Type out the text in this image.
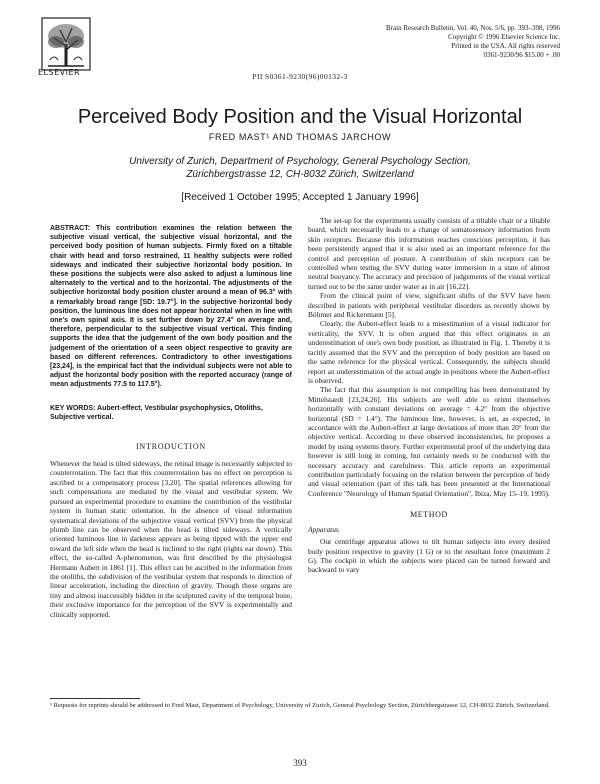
ELSEVIER
Brain Research Bulletin, Vol. 40, Nos. 5/6, pp. 393–398, 1996
Copyright © 1996 Elsevier Science Inc.
Printed in the USA. All rights reserved
0361-9230/96 $15.00 + .00
PII S0361-9230(96)00132-3
Perceived Body Position and the Visual Horizontal
FRED MAST¹ AND THOMAS JARCHOW
University of Zurich, Department of Psychology, General Psychology Section, Zürichbergstrasse 12, CH-8032 Zürich, Switzerland
[Received 1 October 1995; Accepted 1 January 1996]

ABSTRACT: This contribution examines the relation between the subjective visual vertical, the subjective visual horizontal, and the perceived body position of human subjects. Firmly fixed on a tiltable chair with head and torso restrained, 11 healthy subjects were rolled sideways and indicated their subjective horizontal body position. In these positions the subjects were also asked to adjust a luminous line alternately to the vertical and to the horizontal. The adjustments of the subjective horizontal body position cluster around a mean of 96.3° with a remarkably broad range [SD: 19.7°]. In the subjective horizontal body position, the luminous line does not appear horizontal when in line with one's own spinal axis. It is set further down by 27.4° on average and, therefore, perpendicular to the subjective visual vertical. This finding supports the idea that the judgement of the own body position and the judgement of the orientation of a seen object respective to gravity are based on different references. Contradictory to other investigations [23,24], is the empirical fact that the individual subjects were not able to adjust the horizontal body position with the reported accuracy (range of mean adjustments 77.5 to 117.5°).

KEY WORDS: Aubert-effect, Vestibular psychophysics, Otoliths, Subjective vertical.

INTRODUCTION

Whenever the head is tilted sideways, the retinal image is necessarily subjected to counterrotation. The fact that this counterrotation has no effect on perception is ascribed to a compensatory process [3,20]. The spatial references allowing for such compensations are mediated by the visual and vestibular system. We pursued an experimental procedure to examine the contribution of the vestibular system in human static orientation. In the absence of visual information systematical deviations of the subjective visual vertical (SVV) from the physical plumb line can be observed when the head is tilted sideways. A vertically oriented luminous line in darkness appears as being tipped with the upper end toward the left side when the head is inclined to the right (rights ear down). This effect, the so-called A-phenomenon, was first described by the physiologist Hermann Aubert in 1861 [1]. This effect can be ascribed to the information from the otoliths, the subdivision of the vestibular system that responds to direction of linear acceleration, including the direction of gravity. Though those organs are tiny and almost inaccessibly hidden in the sculptured cavity of the temporal bone, their exclusive importance for the perception of the SVV is experimentally and clinically supported.

The set-up for the experiments usually consists of a tiltable chair or a tiltable board, which necessarily leads to a change of somatosensory information from skin receptors. Because this information reaches conscious perception, it has been persistently argued that it is also used as an important reference for the control and perception of posture. A contribution of skin receptors can be controlled when testing the SVV during water immersion in a state of almost neutral buoyancy. The accuracy and precision of judgements of the visual vertical turned out to be the same under water as in air [16,22].

From the clinical point of view, significant shifts of the SVV have been described in patients with peripheral vestibular disorders as recently shown by Böhmer and Rickenmann [5].

Clearly, the Aubert-effect leads to a misestimation of a visual indicator for verticality, the SVV. It is often argued that this effect originates in an underestimation of one's own body position, as illustrated in Fig. 1. Thereby it is tacitly assumed that the SVV and the perception of body position are based on the same reference for the physical vertical. Consequently, the subjects should report an underestimation of the actual angle in positions where the Aubert-effect is observed.

The fact that this assumption is not compelling has been demonstrated by Mittelstaedt [23,24,26]. His subjects are well able to orient themselves horizontally with constant deviations on average = 4.2° from the objective horizontal (SD = 1.4°). The luminous line, however, is set, as expected, in accordance with the Aubert-effect at large deviations of more than 20° from the objective vertical. According to these observed inconsistencies, he proposes a model by using systems theory. Further experimental proof of the underlying data however is still long in coming, but certainly needs to be conducted with the necessary accuracy and carefulness. This article reports an experimental contribution particularly focusing on the relation between the perception of body and visual orientation (part of this talk has been presented at the International Conference "Neurology of Human Spatial Orientation", Ibiza, May 15–19, 1995).

METHOD
Apparatus

Our centrifuge apparatus allows to tilt human subjects into every desired body position respective to gravity (1 G) or to the resultant force (maximum 2 G). The cockpit in which the subjects were placed can be turned forward and backward to vary

¹ Requests for reprints should be addressed to Fred Mast, Department of Psychology, University of Zurich, General Psychology Section, Zürichbergstrasse 12, CH-8032 Zürich, Switzerland.
393
